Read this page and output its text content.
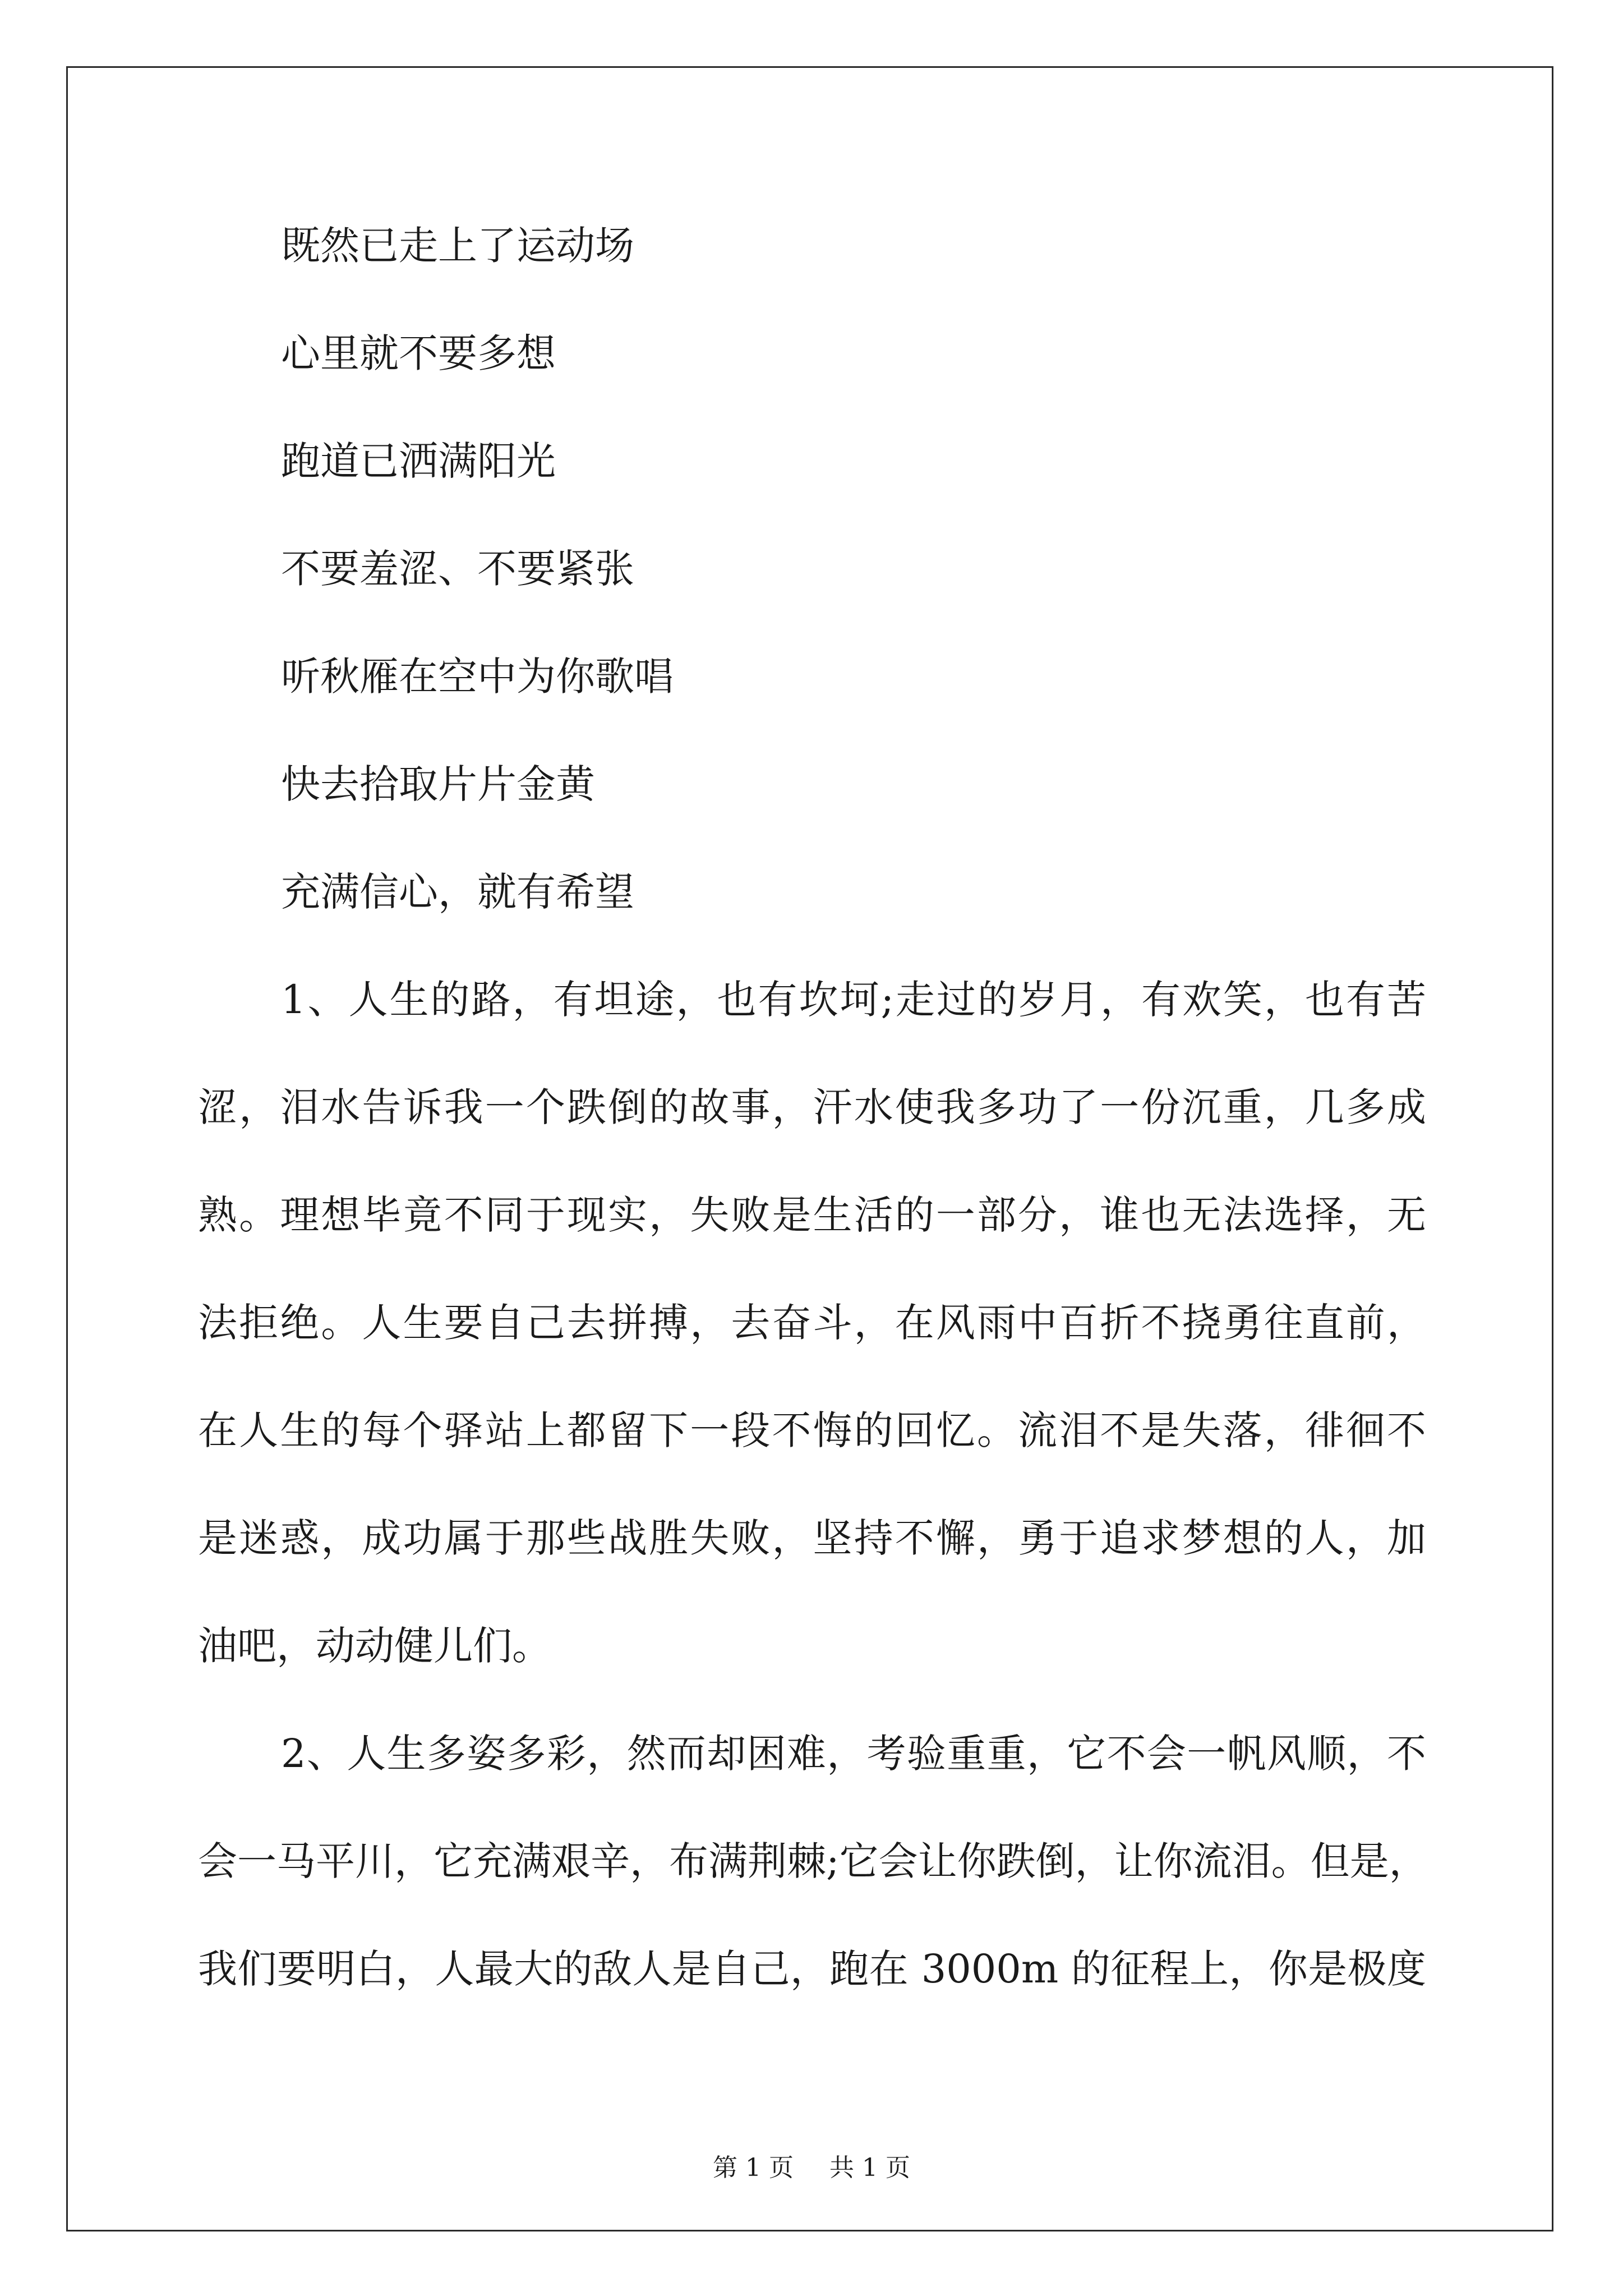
既然已走上了运动场
心里就不要多想
跑道已洒满阳光
不要羞涩、不要紧张
听秋雁在空中为你歌唱
快去拾取片片金黄
充满信心，就有希望
1、人生的路，有坦途，也有坎坷;走过的岁月，有欢笑，也有苦
涩，泪水告诉我一个跌倒的故事，汗水使我多功了一份沉重，几多成
熟。理想毕竟不同于现实，失败是生活的一部分，谁也无法选择，无
法拒绝。人生要自己去拼搏，去奋斗，在风雨中百折不挠勇往直前，
在人生的每个驿站上都留下一段不悔的回忆。流泪不是失落，徘徊不
是迷惑，成功属于那些战胜失败，坚持不懈，勇于追求梦想的人，加
油吧，动动健儿们。
2、人生多姿多彩，然而却困难，考验重重，它不会一帆风顺，不
会一马平川，它充满艰辛，布满荆棘;它会让你跌倒，让你流泪。但是，
我们要明白，人最大的敌人是自己，跑在 3000m 的征程上，你是极度
第 1 页 共 1 页
